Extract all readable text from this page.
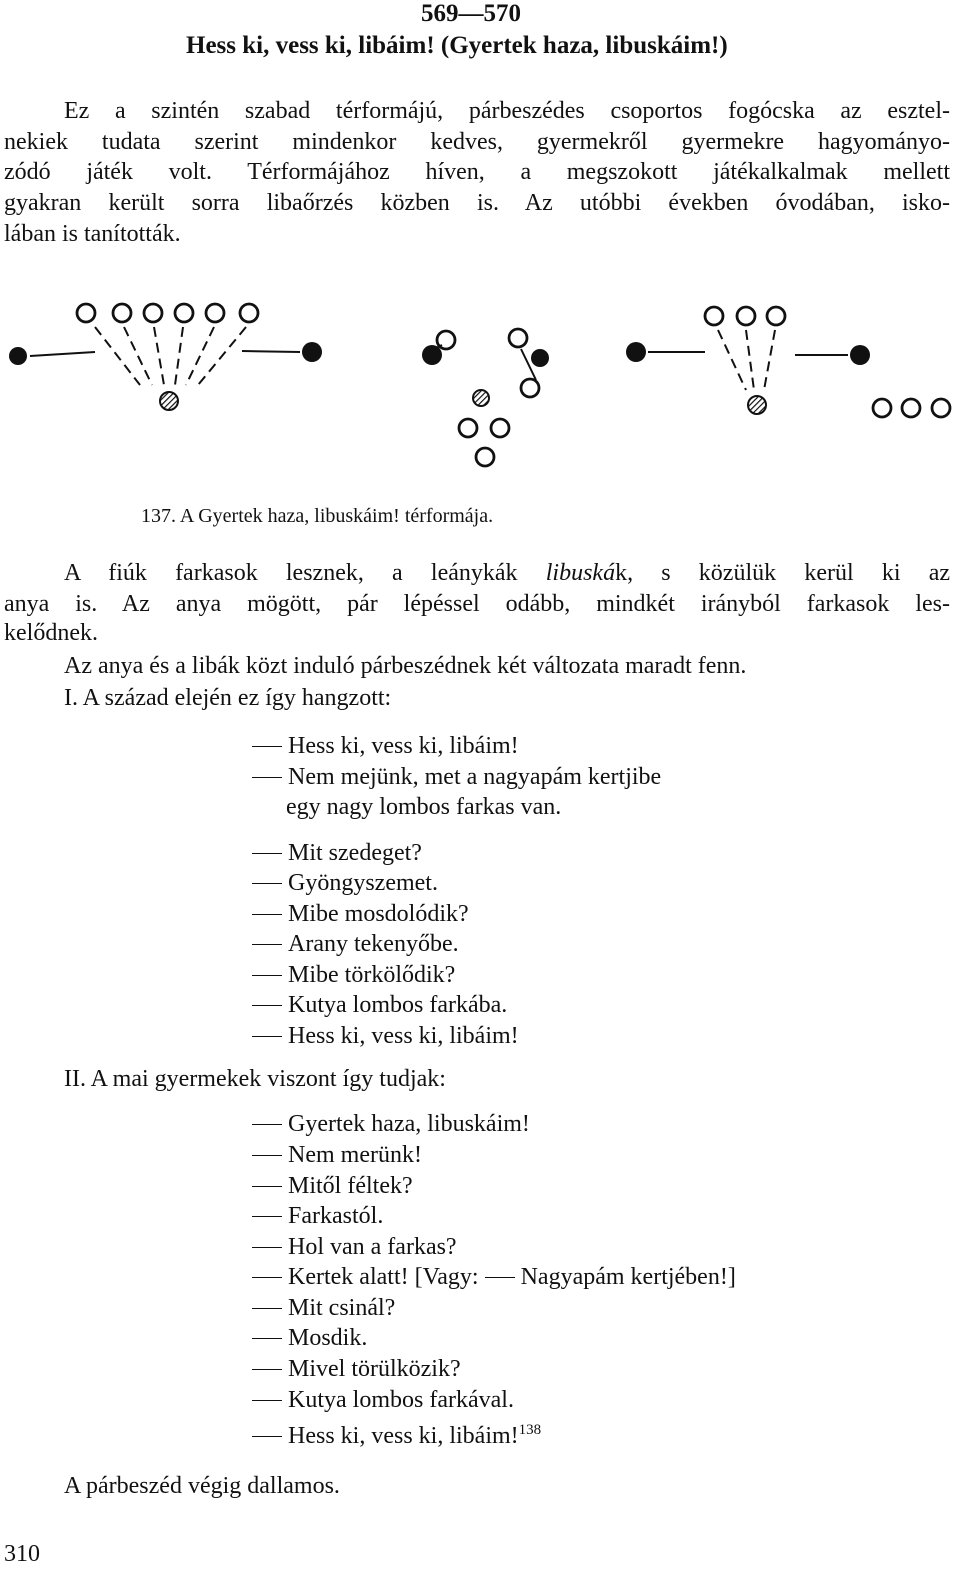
569—570
Hess ki, vess ki, libáim! (Gyertek haza, libuskáim!)
Ez a szintén szabad térformájú, párbeszédes csoportos fogócska az esztel-
nekiek tudata szerint mindenkor kedves, gyermekről gyermekre hagyományo-
zódó játék volt. Térformájához híven, a megszokott játékalkalmak mellett
gyakran került sorra libaőrzés közben is. Az utóbbi években óvodában, isko-
lában is tanították.
137. A Gyertek haza, libuskáim! térformája.
A fiúk farkasok lesznek, a leánykák libuskák, s közülük kerül ki az
anya is. Az anya mögött, pár lépéssel odább, mindkét irányból farkasok les-
kelődnek.
Az anya és a libák közt induló párbeszédnek két változata maradt fenn.
I. A század elején ez így hangzott:
Hess ki, vess ki, libáim!
Nem mejünk, met a nagyapám kertjibe
egy nagy lombos farkas van.
Mit szedeget?
Gyöngyszemet.
Mibe mosdolódik?
Arany tekenyőbe.
Mibe törkölődik?
Kutya lombos farkába.
Hess ki, vess ki, libáim!
II. A mai gyermekek viszont így tudjak:
Gyertek haza, libuskáim!
Nem merünk!
Mitől féltek?
Farkastól.
Hol van a farkas?
Kertek alatt! [Vagy: Nagyapám kertjében!]
Mit csinál?
Mosdik.
Mivel törülközik?
Kutya lombos farkával.
Hess ki, vess ki, libáim!$^{138}$
A párbeszéd végig dallamos.
310
